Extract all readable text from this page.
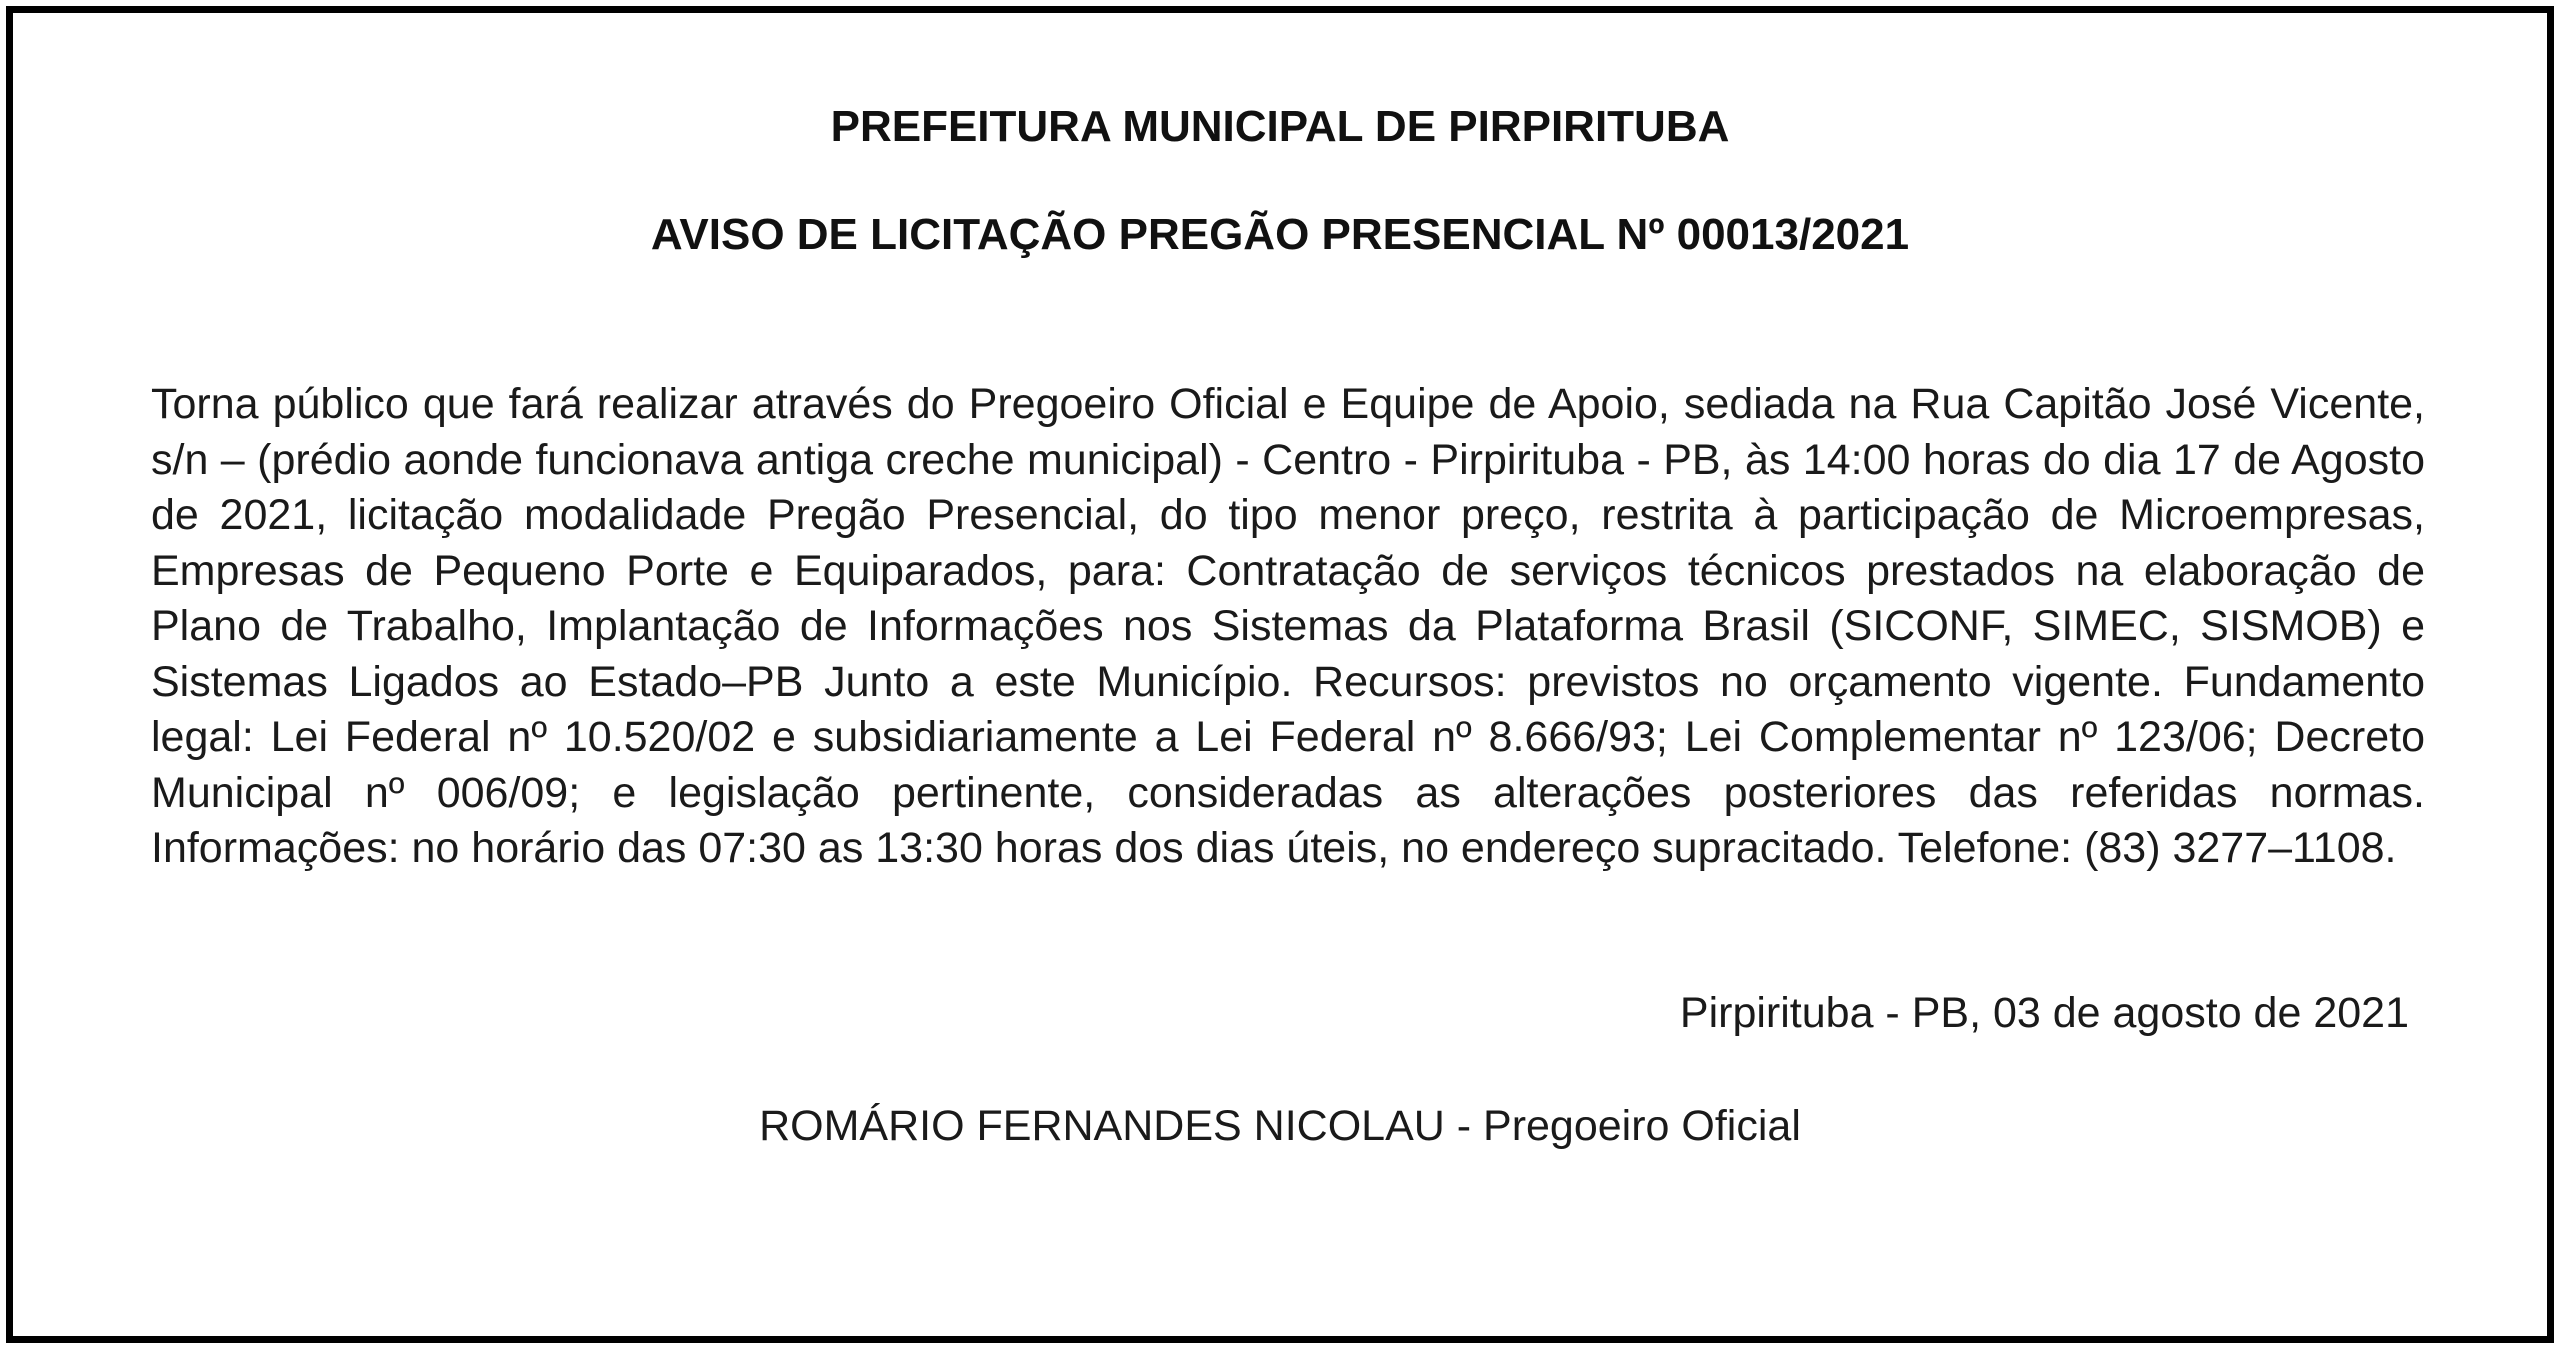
PREFEITURA MUNICIPAL DE PIRPIRITUBA
AVISO DE LICITAÇÃO PREGÃO PRESENCIAL Nº 00013/2021
Torna público que fará realizar através do Pregoeiro Oficial e Equipe de Apoio, sediada na Rua Capitão José Vicente, s/n – (prédio aonde funcionava antiga creche municipal) - Centro - Pirpirituba - PB, às 14:00 horas do dia 17 de Agosto de 2021, licitação modalidade Pregão Presencial, do tipo menor preço, restrita à participação de Microempresas, Empresas de Pequeno Porte e Equiparados, para: Contratação de serviços técnicos prestados na elaboração de Plano de Trabalho, Implantação de Informações nos Sistemas da Plataforma Brasil (SICONF, SIMEC, SISMOB) e Sistemas Ligados ao Estado–PB Junto a este Município. Recursos: previstos no orçamento vigente. Fundamento legal: Lei Federal nº 10.520/02 e subsidiariamente a Lei Federal nº 8.666/93; Lei Complementar nº 123/06; Decreto Municipal nº 006/09; e legislação pertinente, consideradas as alterações posteriores das referidas normas. Informações: no horário das 07:30 as 13:30 horas dos dias úteis, no endereço supracitado. Telefone: (83) 3277–1108.
Pirpirituba - PB, 03 de agosto de 2021
ROMÁRIO FERNANDES NICOLAU - Pregoeiro Oficial
